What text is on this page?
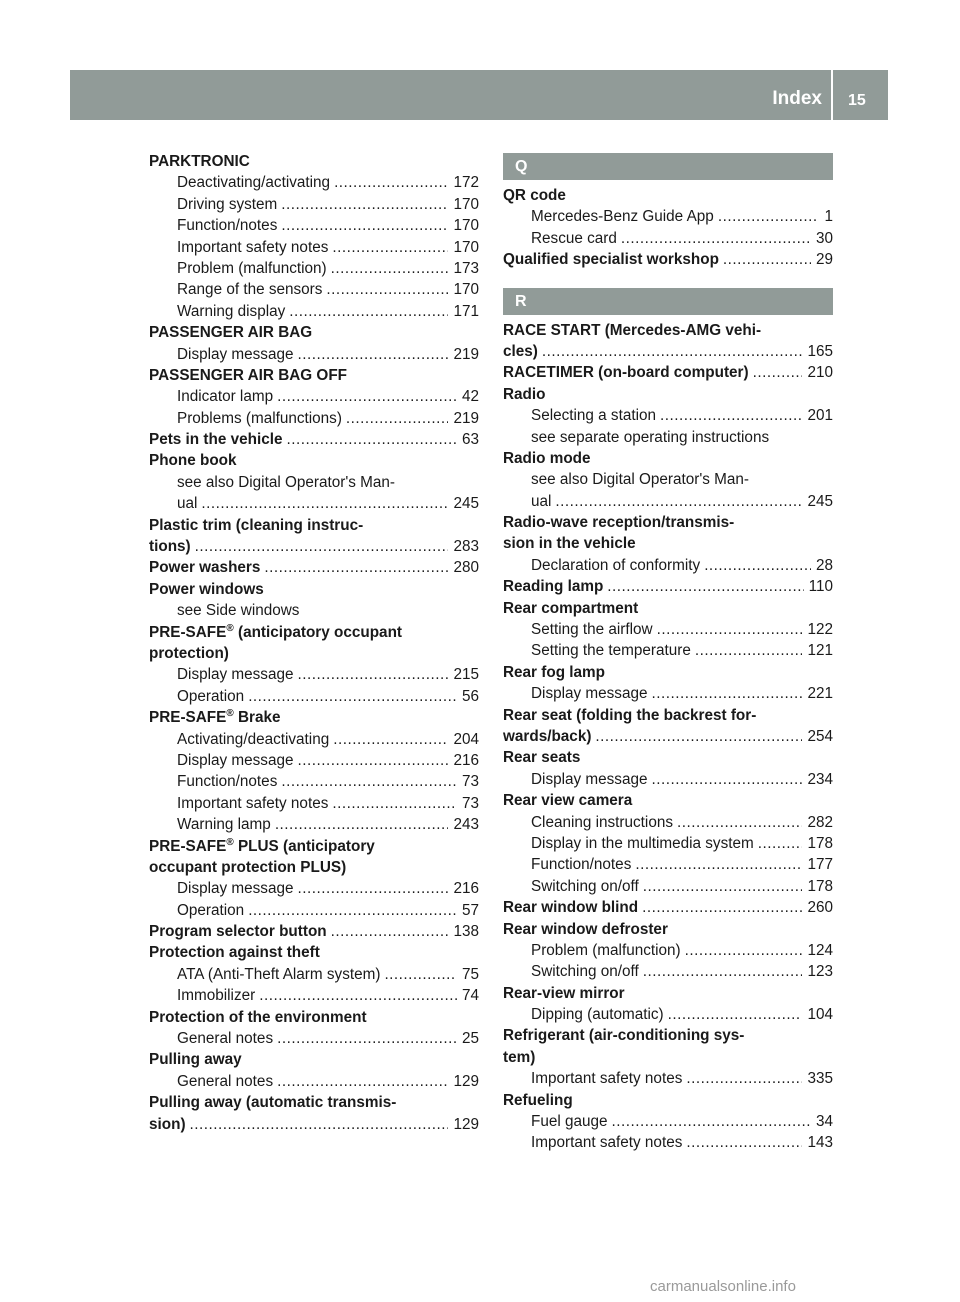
Index 15
PARKTRONIC
Deactivating/activating .....	172
Driving system .....	170
Function/notes .....	170
Important safety notes .....	170
Problem (malfunction) .....	173
Range of the sensors .....	170
Warning display .....	171
PASSENGER AIR BAG
Display message .....	219
PASSENGER AIR BAG OFF
Indicator lamp .....	42
Problems (malfunctions) .....	219
Pets in the vehicle .....	63
Phone book
see also Digital Operator's Man-
ual .....	245
Plastic trim (cleaning instruc-
tions) .....	283
Power washers .....	280
Power windows
see Side windows
PRE-SAFE® (anticipatory occupant
protection)
Display message .....	215
Operation .....	56
PRE-SAFE® Brake
Activating/deactivating .....	204
Display message .....	216
Function/notes .....	73
Important safety notes .....	73
Warning lamp .....	243
PRE-SAFE® PLUS (anticipatory
occupant protection PLUS)
Display message .....	216
Operation .....	57
Program selector button .....	138
Protection against theft
ATA (Anti-Theft Alarm system) .....	75
Immobilizer .....	74
Protection of the environment
General notes .....	25
Pulling away
General notes .....	129
Pulling away (automatic transmis-
sion) .....	129
Q
QR code
Mercedes-Benz Guide App .....	1
Rescue card .....	30
Qualified specialist workshop .....	29
R
RACE START (Mercedes-AMG vehi-
cles) .....	165
RACETIMER (on-board computer) .....	210
Radio
Selecting a station .....	201
see separate operating instructions
Radio mode
see also Digital Operator's Man-
ual .....	245
Radio-wave reception/transmis-
sion in the vehicle
Declaration of conformity .....	28
Reading lamp .....	110
Rear compartment
Setting the airflow .....	122
Setting the temperature .....	121
Rear fog lamp
Display message .....	221
Rear seat (folding the backrest for-
wards/back) .....	254
Rear seats
Display message .....	234
Rear view camera
Cleaning instructions .....	282
Display in the multimedia system .....	178
Function/notes .....	177
Switching on/off .....	178
Rear window blind .....	260
Rear window defroster
Problem (malfunction) .....	124
Switching on/off .....	123
Rear-view mirror
Dipping (automatic) .....	104
Refrigerant (air-conditioning sys-
tem)
Important safety notes .....	335
Refueling
Fuel gauge .....	34
Important safety notes .....	143
carmanualsonline.info
